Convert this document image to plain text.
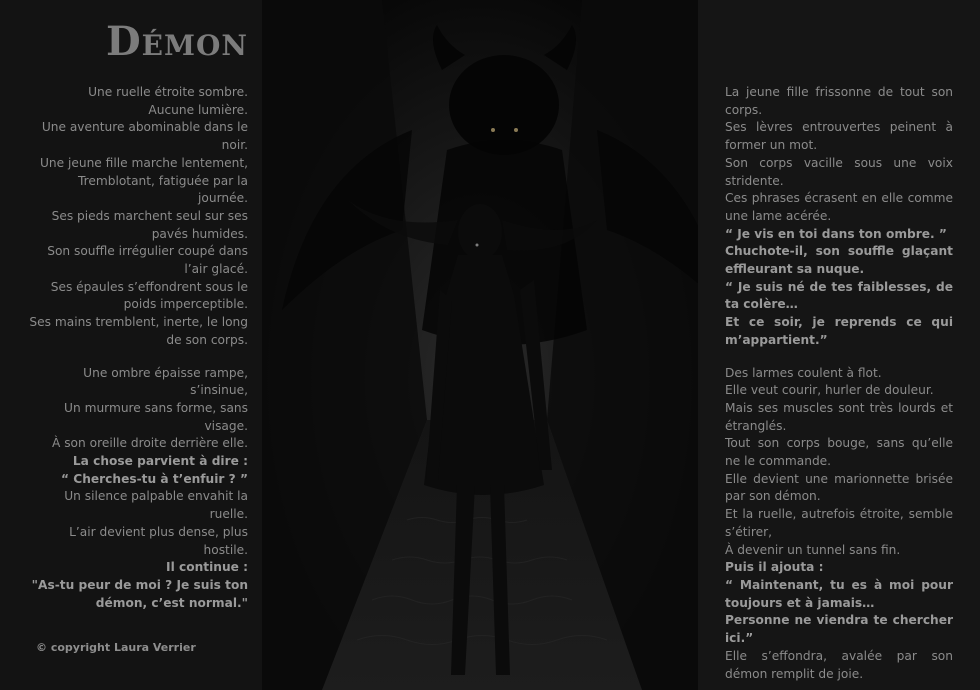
Démon

Une ruelle étroite sombre.

Aucune lumière.

Une aventure abominable dans le noir.

Une jeune fille marche lentement,

Tremblotant, fatiguée par la journée.

Ses pieds marchent seul sur ses pavés humides.

Son souffle irrégulier coupé dans l’air glacé.

Ses épaules s’effondrent sous le poids imperceptible.

Ses mains tremblent, inerte, le long de son corps.

Une ombre épaisse rampe, s’insinue,

Un murmure sans forme, sans visage.

À son oreille droite derrière elle.

La chose parvient à dire :

“ Cherches-tu à t’enfuir ? ”

Un silence palpable envahit la ruelle.

L’air devient plus dense, plus hostile.

Il continue :

"As-tu peur de moi ? Je suis ton démon, c’est normal."

La jeune fille frissonne de tout son corps.

Ses lèvres entrouvertes peinent à former un mot.

Son corps vacille sous une voix stridente.

Ces phrases écrasent en elle comme une lame acérée.

“ Je vis en toi dans ton ombre. ”

Chuchote-il, son souffle glaçant effleurant sa nuque.

“ Je suis né de tes faiblesses, de ta colère…

Et ce soir, je reprends ce qui m’appartient.”

Des larmes coulent à flot.

Elle veut courir, hurler de douleur.

Mais ses muscles sont très lourds et étranglés.

Tout son corps bouge, sans qu’elle ne le commande.

Elle devient une marionnette brisée par son démon.

Et la ruelle, autrefois étroite, semble s’étirer,

À devenir un tunnel sans fin.

Puis il ajouta :

“ Maintenant, tu es à moi pour toujours et à jamais…

Personne ne viendra te chercher ici.”

Elle s’effondra, avalée par son démon remplit de joie.

© copyright Laura Verrier
